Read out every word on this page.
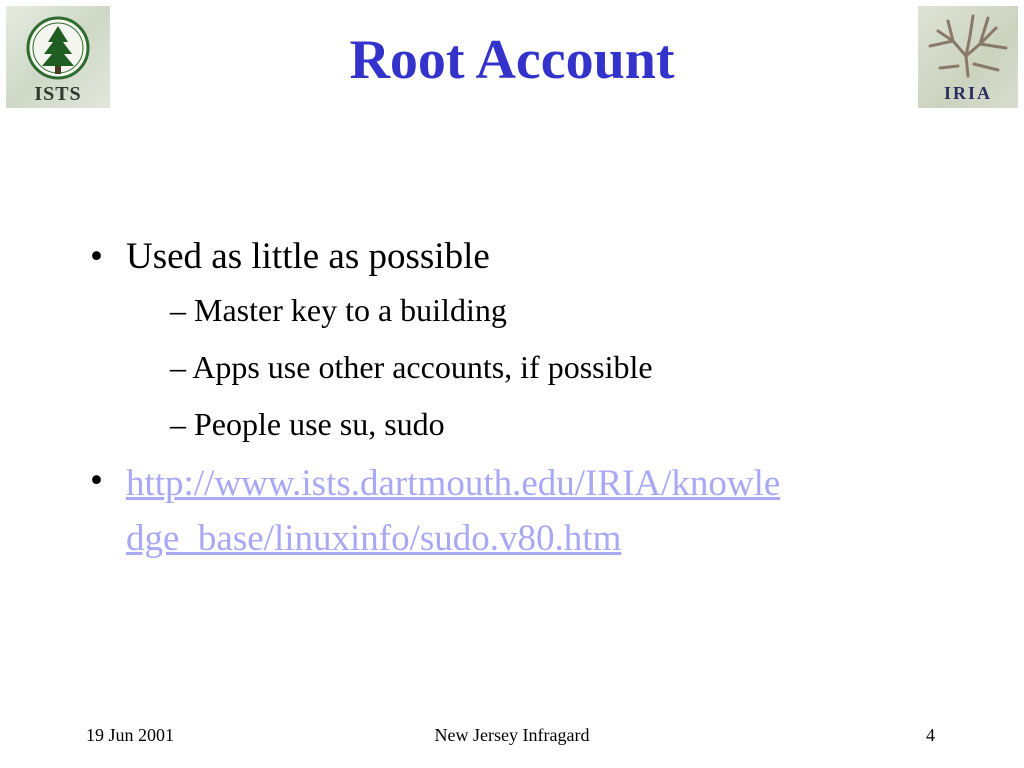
ISTS	IRIA
Root Account
• Used as little as possible
– Master key to a building
– Apps use other accounts, if possible
– People use su, sudo
• http://www.ists.dartmouth.edu/IRIA/knowle
dge_base/linuxinfo/sudo.v80.htm
19 Jun 2001	New Jersey Infragard	4
